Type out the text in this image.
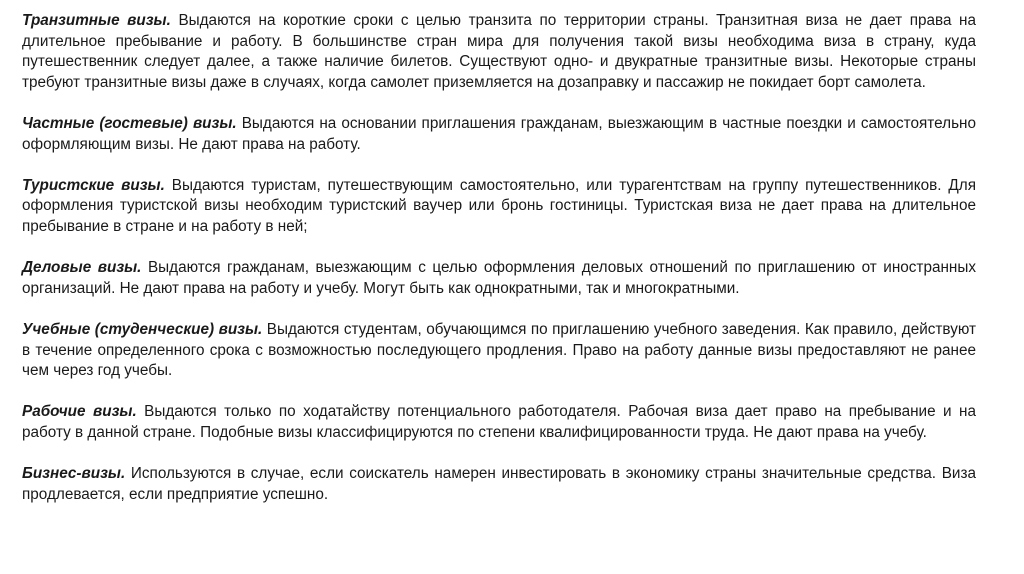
Транзитные визы. Выдаются на короткие сроки с целью транзита по территории страны. Транзитная виза не дает права на длительное пребывание и работу. В большинстве стран мира для получения такой визы необходима виза в страну, куда путешественник следует далее, а также наличие билетов. Существуют одно- и двукратные транзитные визы. Некоторые страны требуют транзитные визы даже в случаях, когда самолет приземляется на дозаправку и пассажир не покидает борт самолета.

Частные (гостевые) визы. Выдаются на основании приглашения гражданам, выезжающим в частные поездки и самостоятельно оформляющим визы. Не дают права на работу.

Туристские визы. Выдаются туристам, путешествующим самостоятельно, или турагентствам на группу путешественников. Для оформления туристской визы необходим туристский ваучер или бронь гостиницы. Туристская виза не дает права на длительное пребывание в стране и на работу в ней;

Деловые визы. Выдаются гражданам, выезжающим с целью оформления деловых отношений по приглашению от иностранных организаций. Не дают права на работу и учебу. Могут быть как однократными, так и многократными.

Учебные (студенческие) визы. Выдаются студентам, обучающимся по приглашению учебного заведения. Как правило, действуют в течение определенного срока с возможностью последующего продления. Право на работу данные визы предоставляют не ранее чем через год учебы.

Рабочие визы. Выдаются только по ходатайству потенциального работодателя. Рабочая виза дает право на пребывание и на работу в данной стране. Подобные визы классифицируются по степени квалифицированности труда. Не дают права на учебу.

Бизнес-визы. Используются в случае, если соискатель намерен инвестировать в экономику страны значительные средства. Виза продлевается, если предприятие успешно.
